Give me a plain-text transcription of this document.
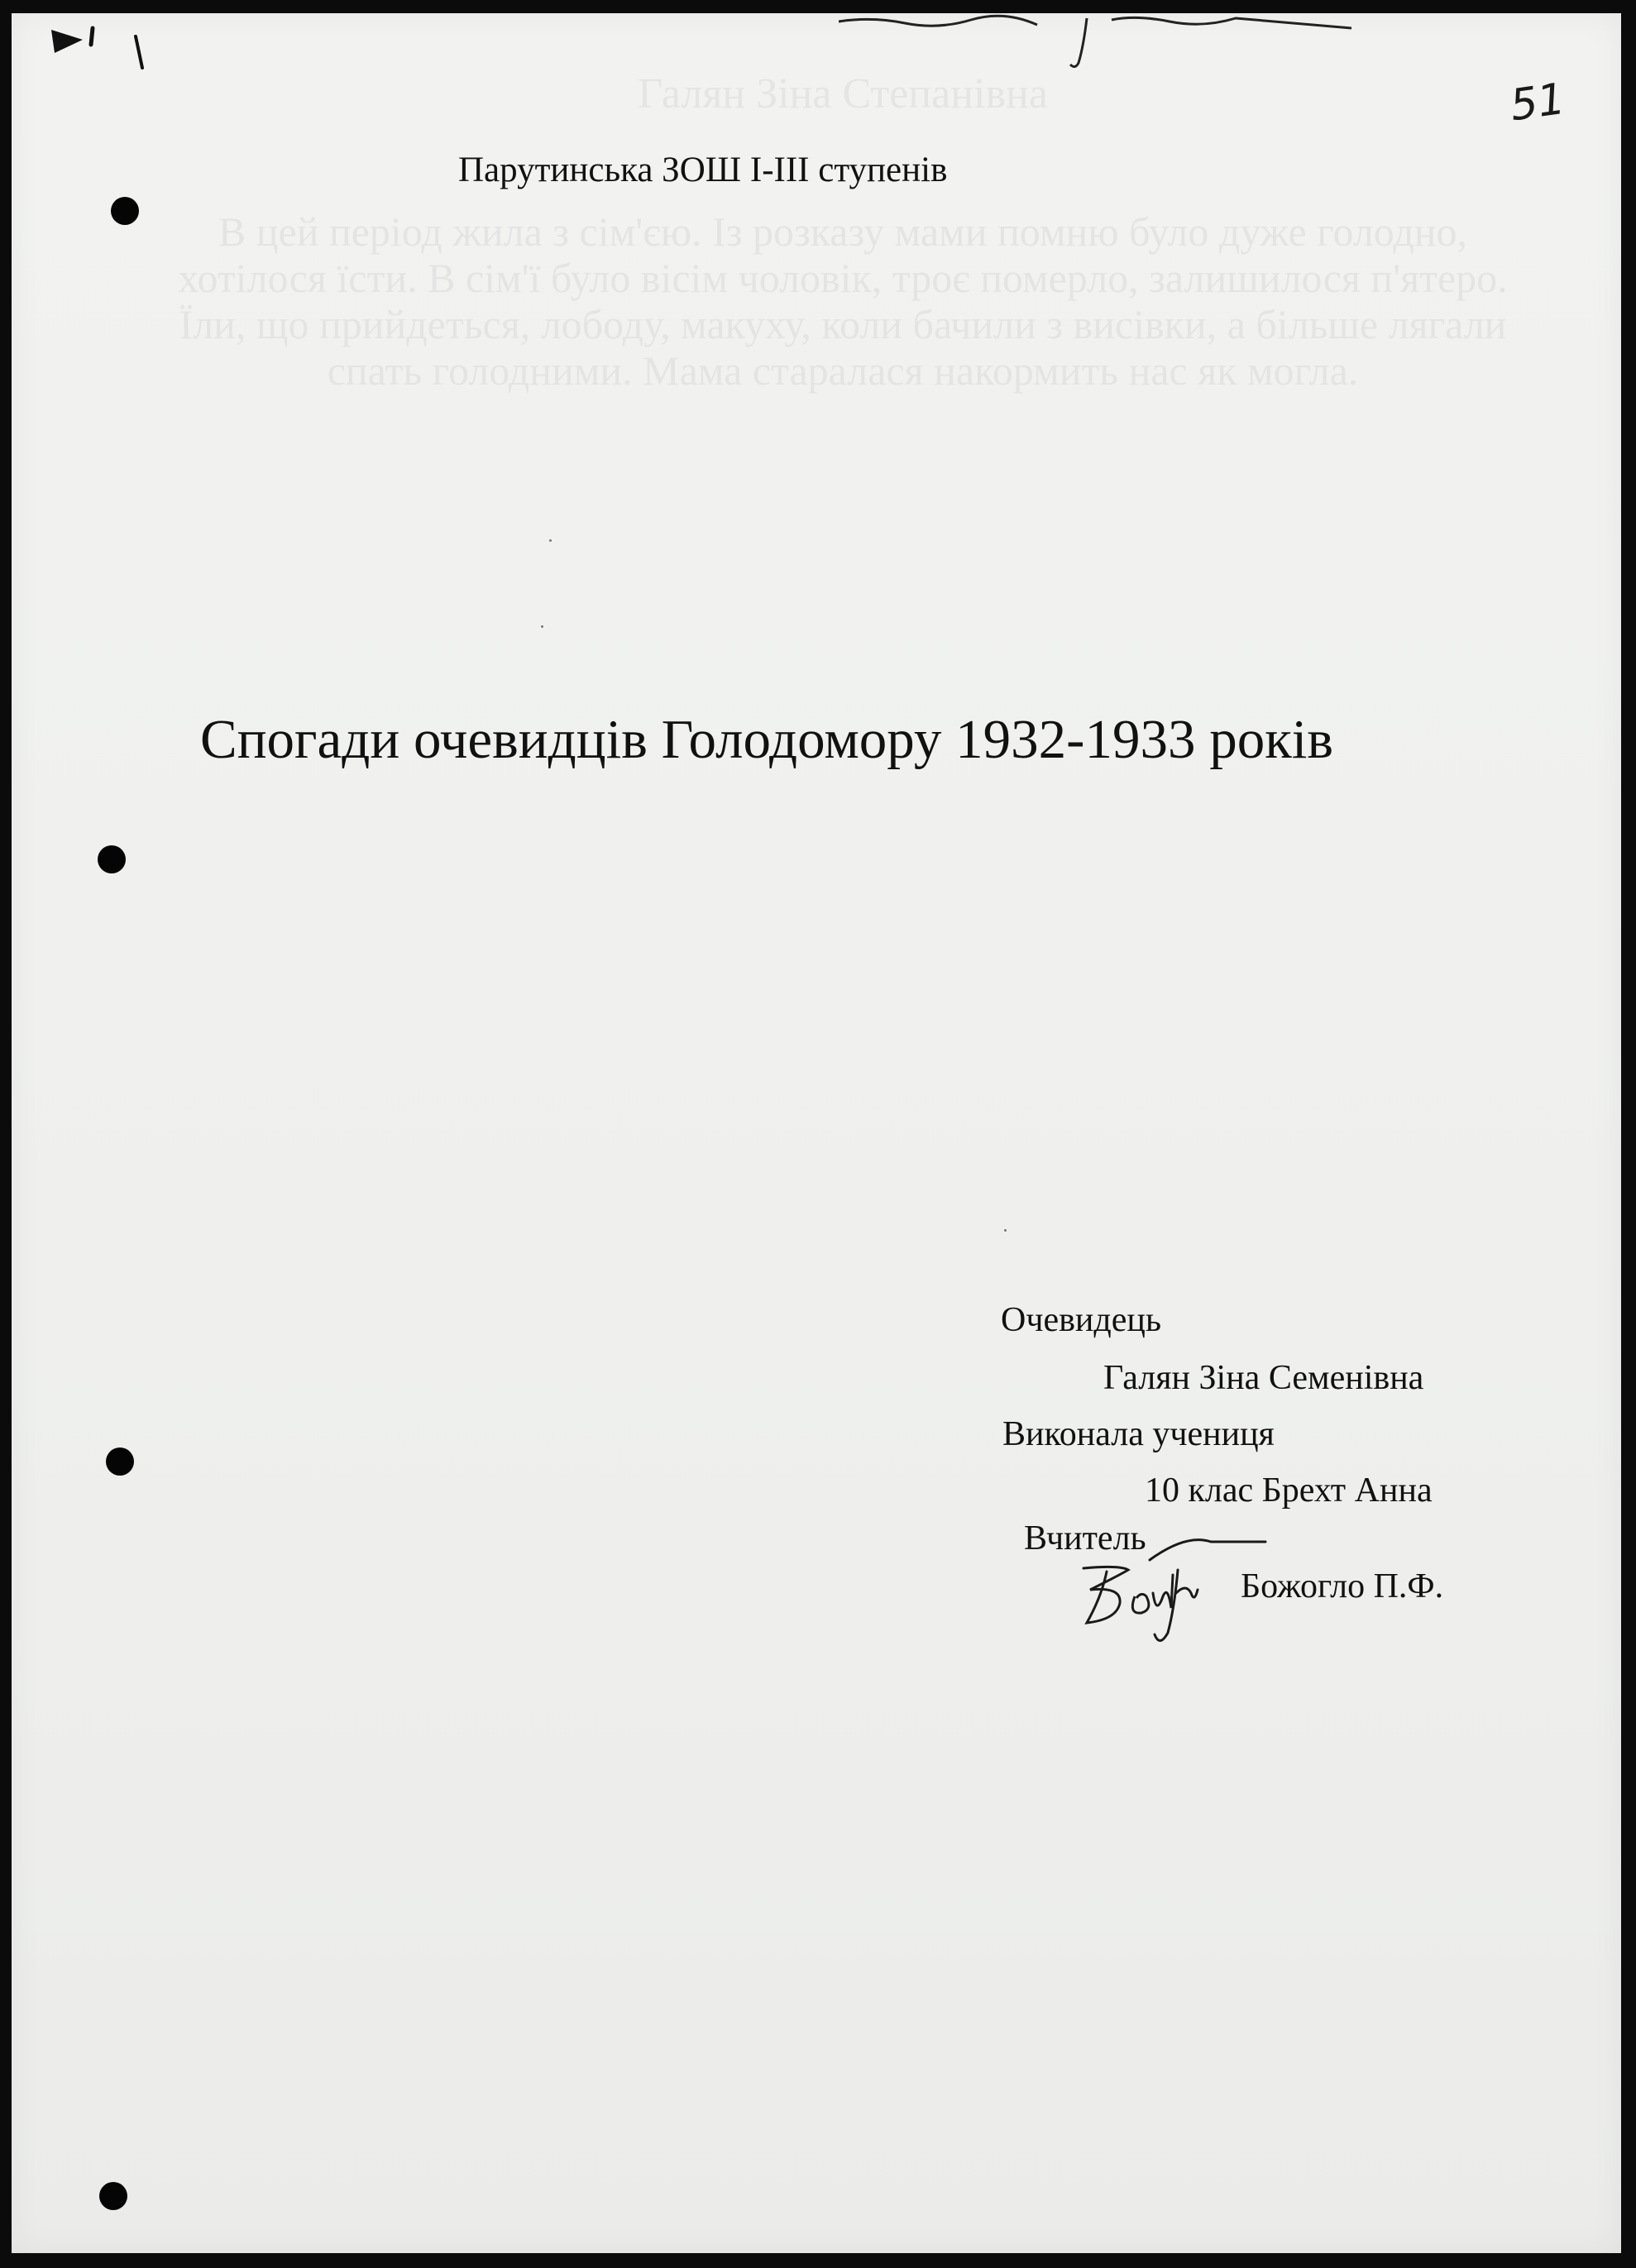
Галян Зіна Степанівна
В цей період жила з сім'єю. Із розказу мами помню було дуже голодно, хотілося їсти. В сім'ї було вісім чоловік, троє померло, залишилося п'ятеро. Їли, що прийдеться, лободу, макуху, коли бачили з висівки, а більше лягали спать голодними. Мама старалася накормить нас як могла.
51
Парутинська ЗОШ І-ІІІ ступенів
Спогади очевидців Голодомору 1932-1933 років
Очевидець
Галян Зіна Семенівна
Виконала учениця
10 клас Брехт Анна
Вчитель
Божогло П.Ф.
